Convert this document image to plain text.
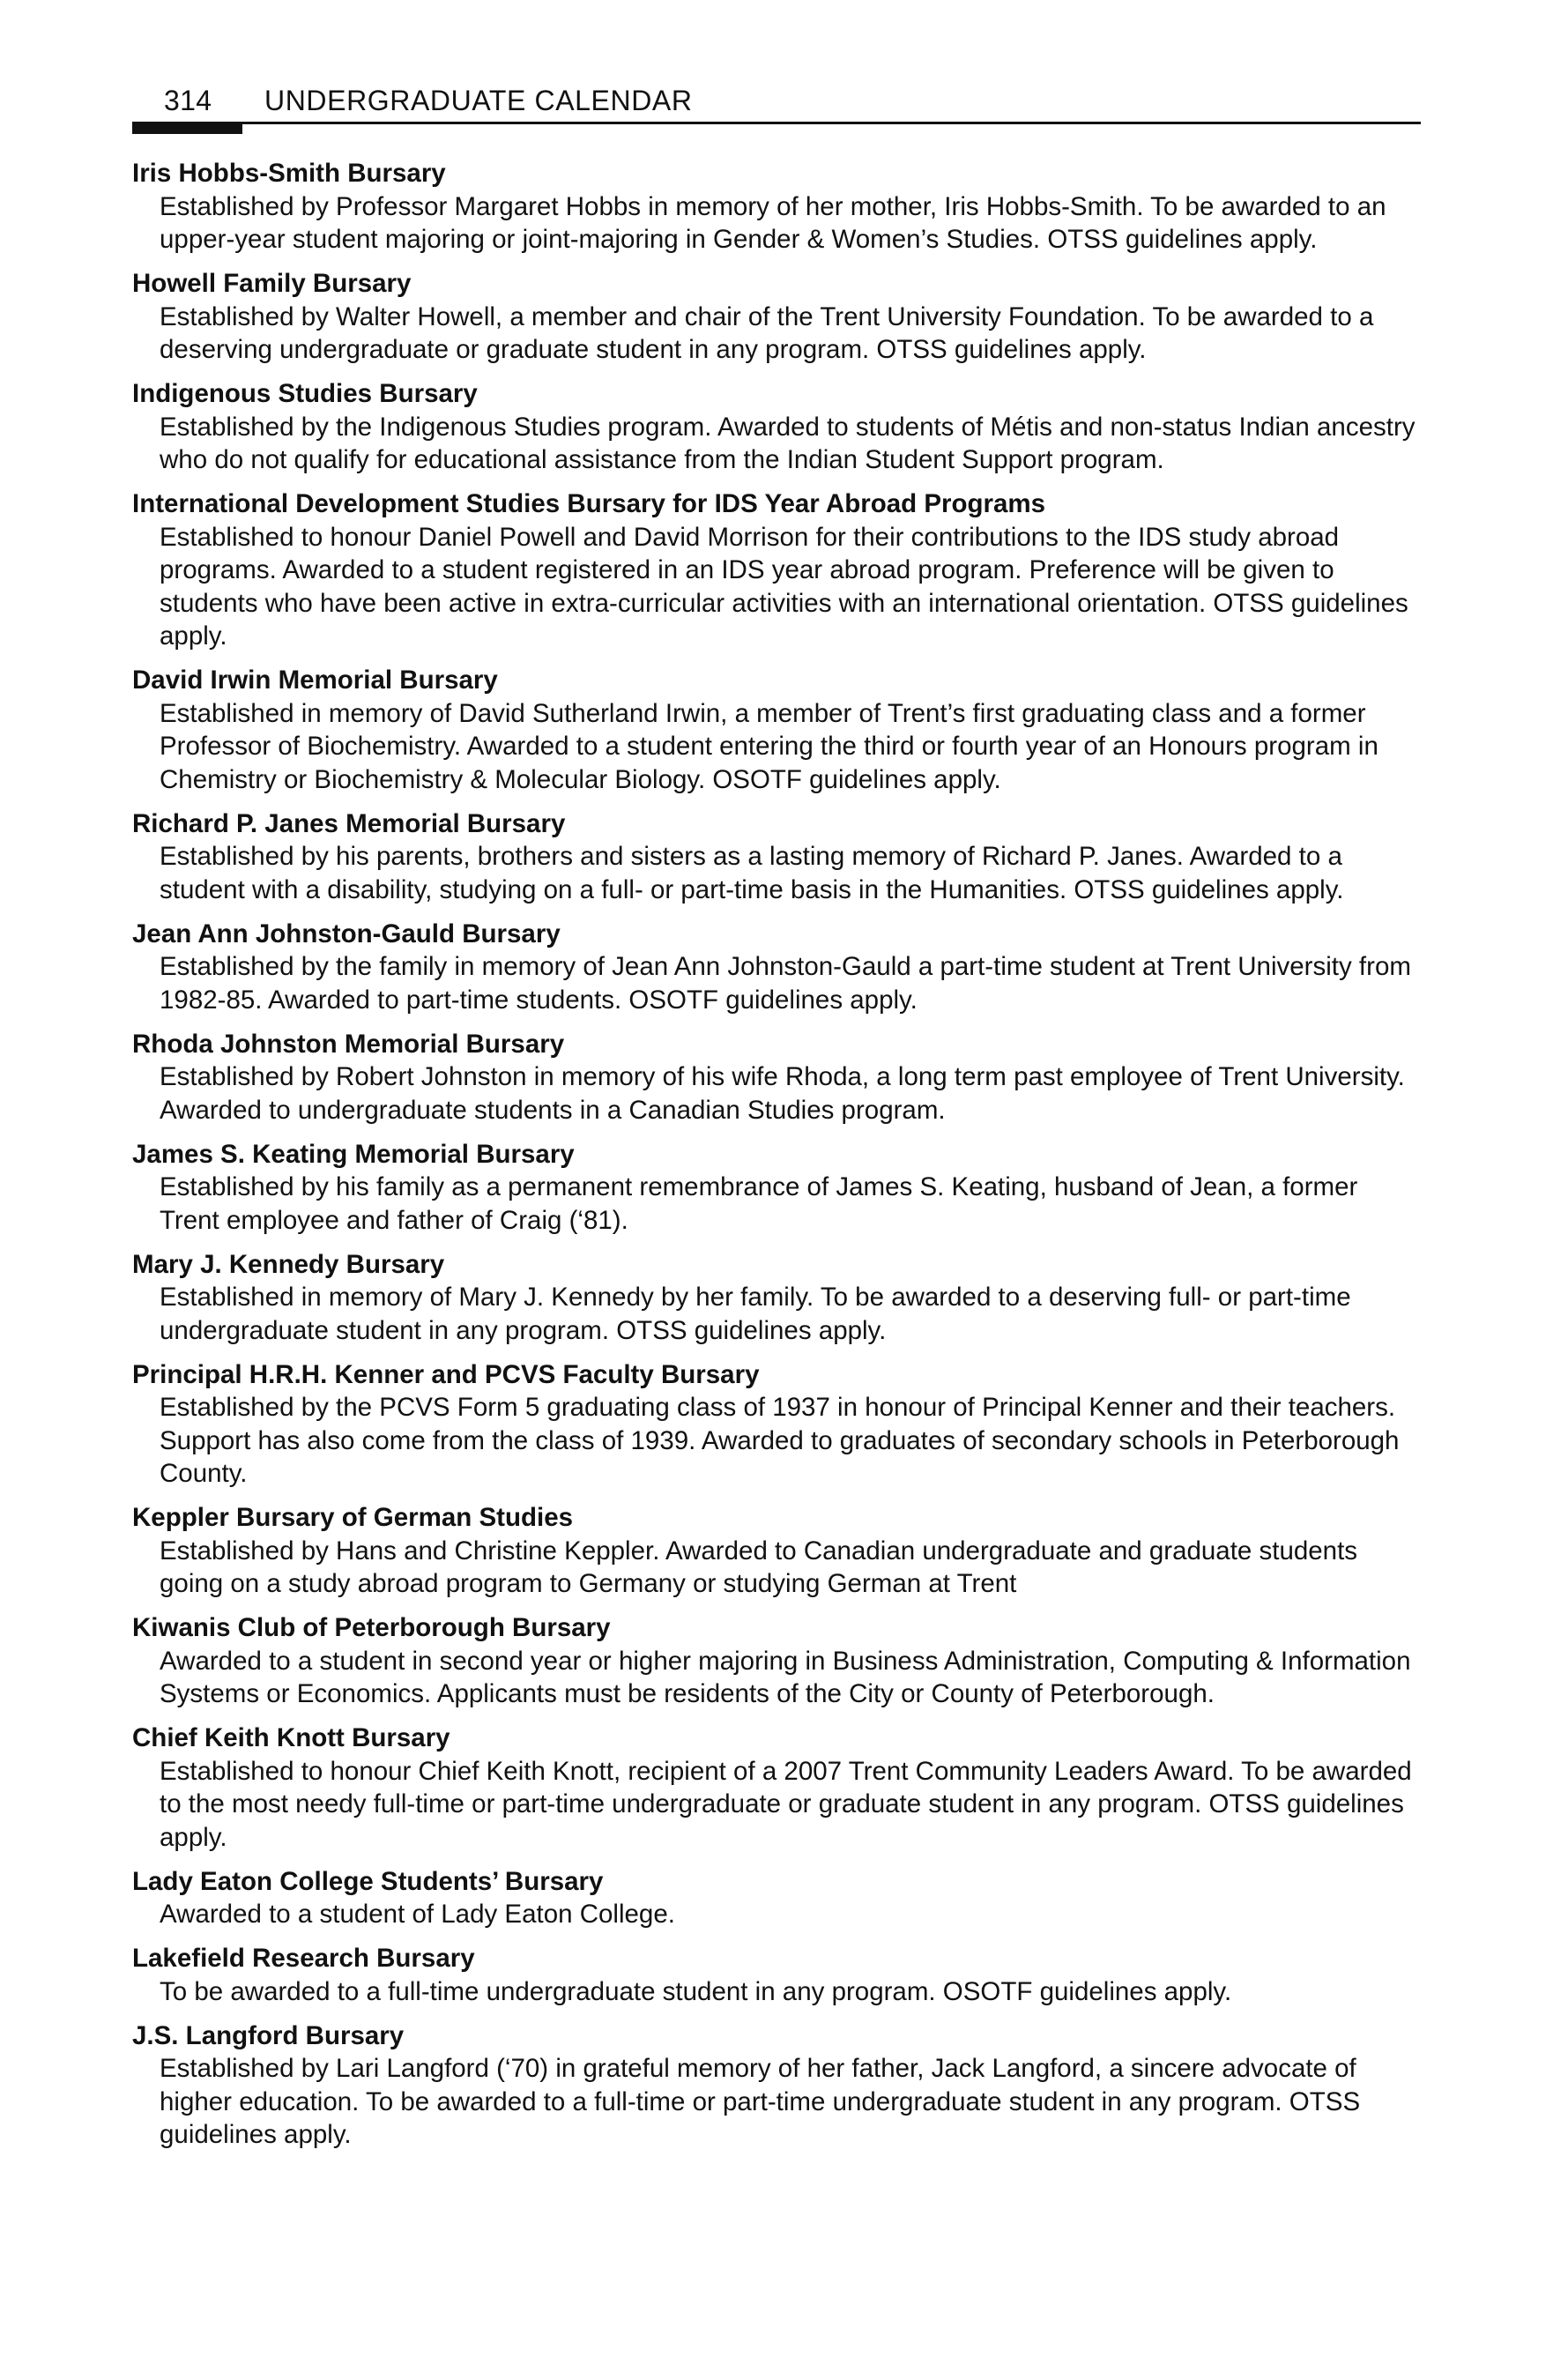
314 UNDERGRADUATE CALENDAR
Iris Hobbs-Smith Bursary
Established by Professor Margaret Hobbs in memory of her mother, Iris Hobbs-Smith. To be awarded to an upper-year student majoring or joint-majoring in Gender & Women’s Studies. OTSS guidelines apply.
Howell Family Bursary
Established by Walter Howell, a member and chair of the Trent University Foundation. To be awarded to a deserving undergraduate or graduate student in any program. OTSS guidelines apply.
Indigenous Studies Bursary
Established by the Indigenous Studies program. Awarded to students of Métis and non-status Indian ancestry who do not qualify for educational assistance from the Indian Student Support program.
International Development Studies Bursary for IDS Year Abroad Programs
Established to honour Daniel Powell and David Morrison for their contributions to the IDS study abroad programs. Awarded to a student registered in an IDS year abroad program. Preference will be given to students who have been active in extra-curricular activities with an international orientation. OTSS guidelines apply.
David Irwin Memorial Bursary
Established in memory of David Sutherland Irwin, a member of Trent’s first graduating class and a former Professor of Biochemistry. Awarded to a student entering the third or fourth year of an Honours program in Chemistry or Biochemistry & Molecular Biology. OSOTF guidelines apply.
Richard P. Janes Memorial Bursary
Established by his parents, brothers and sisters as a lasting memory of Richard P. Janes. Awarded to a student with a disability, studying on a full- or part-time basis in the Humanities. OTSS guidelines apply.
Jean Ann Johnston-Gauld Bursary
Established by the family in memory of Jean Ann Johnston-Gauld a part-time student at Trent University from 1982-85. Awarded to part-time students. OSOTF guidelines apply.
Rhoda Johnston Memorial Bursary
Established by Robert Johnston in memory of his wife Rhoda, a long term past employee of Trent University. Awarded to undergraduate students in a Canadian Studies program.
James S. Keating Memorial Bursary
Established by his family as a permanent remembrance of James S. Keating, husband of Jean, a former Trent employee and father of Craig (‘81).
Mary J. Kennedy Bursary
Established in memory of Mary J. Kennedy by her family. To be awarded to a deserving full- or part-time undergraduate student in any program. OTSS guidelines apply.
Principal H.R.H. Kenner and PCVS Faculty Bursary
Established by the PCVS Form 5 graduating class of 1937 in honour of Principal Kenner and their teachers. Support has also come from the class of 1939. Awarded to graduates of secondary schools in Peterborough County.
Keppler Bursary of German Studies
Established by Hans and Christine Keppler. Awarded to Canadian undergraduate and graduate students going on a study abroad program to Germany or studying German at Trent
Kiwanis Club of Peterborough Bursary
Awarded to a student in second year or higher majoring in Business Administration, Computing & Information Systems or Economics. Applicants must be residents of the City or County of Peterborough.
Chief Keith Knott Bursary
Established to honour Chief Keith Knott, recipient of a 2007 Trent Community Leaders Award. To be awarded to the most needy full-time or part-time undergraduate or graduate student in any program. OTSS guidelines apply.
Lady Eaton College Students’ Bursary
Awarded to a student of Lady Eaton College.
Lakefield Research Bursary
To be awarded to a full-time undergraduate student in any program. OSOTF guidelines apply.
J.S. Langford Bursary
Established by Lari Langford (‘70) in grateful memory of her father, Jack Langford, a sincere advocate of higher education. To be awarded to a full-time or part-time undergraduate student in any program. OTSS guidelines apply.
